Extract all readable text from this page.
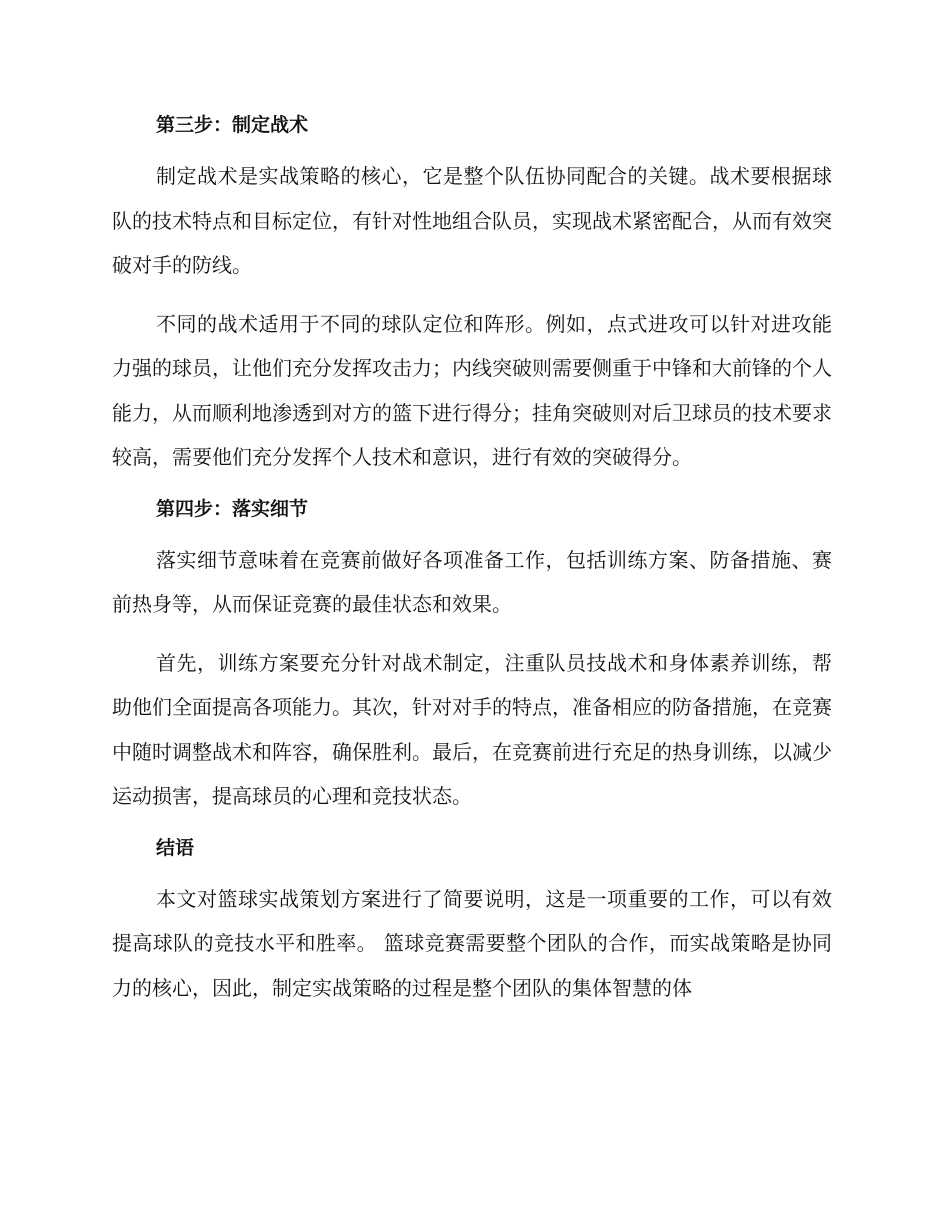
第三步：制定战术

制定战术是实战策略的核心，它是整个队伍协同配合的关键。战术要根据球队的技术特点和目标定位，有针对性地组合队员，实现战术紧密配合，从而有效突破对手的防线。

不同的战术适用于不同的球队定位和阵形。例如，点式进攻可以针对进攻能力强的球员，让他们充分发挥攻击力；内线突破则需要侧重于中锋和大前锋的个人能力，从而顺利地渗透到对方的篮下进行得分；挂角突破则对后卫球员的技术要求较高，需要他们充分发挥个人技术和意识，进行有效的突破得分。

第四步：落实细节

落实细节意味着在竞赛前做好各项准备工作，包括训练方案、防备措施、赛前热身等，从而保证竞赛的最佳状态和效果。

首先，训练方案要充分针对战术制定，注重队员技战术和身体素养训练，帮助他们全面提高各项能力。其次，针对对手的特点，准备相应的防备措施，在竞赛中随时调整战术和阵容，确保胜利。最后，在竞赛前进行充足的热身训练，以减少运动损害，提高球员的心理和竞技状态。

结语

本文对篮球实战策划方案进行了简要说明，这是一项重要的工作，可以有效提高球队的竞技水平和胜率。 篮球竞赛需要整个团队的合作，而实战策略是协同力的核心，因此，制定实战策略的过程是整个团队的集体智慧的体
